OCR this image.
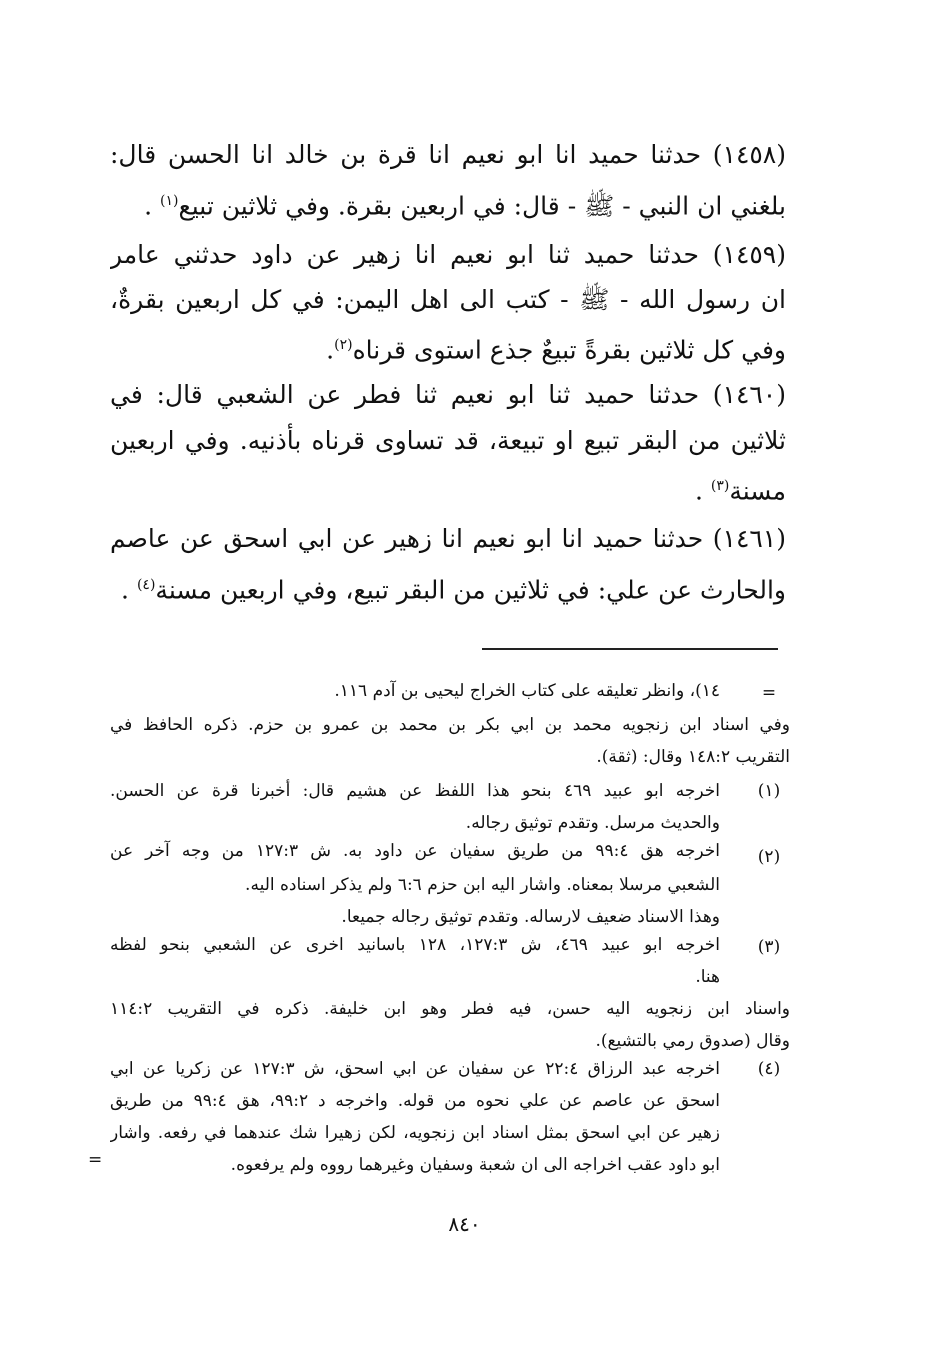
(١٤٥٨) حدثنا حميد انا ابو نعيم انا قرة بن خالد انا الحسن قال:
بلغني ان النبي - ﷺ - قال: في اربعين بقرة. وفي ثلاثين تبيع$^{(١)}$ .
(١٤٥٩) حدثنا حميد ثنا ابو نعيم انا زهير عن داود حدثني عامر
ان رسول الله - ﷺ - كتب الى اهل اليمن: في كل اربعين بقرةٌ،
وفي كل ثلاثين بقرةً تبيعٌ جذع استوى قرناه$^{(٢)}$.
(١٤٦٠) حدثنا حميد ثنا ابو نعيم ثنا فطر عن الشعبي قال: في
ثلاثين من البقر تبيع او تبيعة، قد تساوى قرناه بأذنيه. وفي اربعين
مسنة$^{(٣)}$ .
(١٤٦١) حدثنا حميد انا ابو نعيم انا زهير عن ابي اسحق عن عاصم
والحارث عن علي: في ثلاثين من البقر تبيع، وفي اربعين مسنة$^{(٤)}$ .
=
١٤)، وانظر تعليقه على كتاب الخراج ليحيى بن آدم ١١٦.
وفي اسناد ابن زنجويه محمد بن ابي بكر بن محمد بن عمرو بن حزم. ذكره الحافظ في
التقريب ١٤٨:٢ وقال: (ثقة).
(١)
اخرجه ابو عبيد ٤٦٩ بنحو هذا اللفظ عن هشيم قال: أخبرنا قرة عن الحسن.
والحديث مرسل. وتقدم توثيق رجاله.
(٢)
اخرجه هق ٩٩:٤ من طريق سفيان عن داود به. ش ١٢٧:٣ من وجه آخر عن
الشعبي مرسلا بمعناه. واشار اليه ابن حزم ٦:٦ ولم يذكر اسناده اليه.
وهذا الاسناد ضعيف لارساله. وتقدم توثيق رجاله جميعا.
(٣)
اخرجه ابو عبيد ٤٦٩، ش ١٢٧:٣، ١٢٨ باسانيد اخرى عن الشعبي بنحو لفظه
هنا.
واسناد ابن زنجويه اليه حسن، فيه فطر وهو ابن خليفة. ذكره في التقريب ١١٤:٢
وقال (صدوق رمي بالتشيع).
(٤)
اخرجه عبد الرزاق ٢٢:٤ عن سفيان عن ابي اسحق، ش ١٢٧:٣ عن زكريا عن ابي
اسحق عن عاصم عن علي نحوه من قوله. واخرجه د ٩٩:٢، هق ٩٩:٤ من طريق
زهير عن ابي اسحق بمثل اسناد ابن زنجويه، لكن زهيرا شك عندهما في رفعه. واشار
ابو داود عقب اخراجه الى ان شعبة وسفيان وغيرهما رووه ولم يرفعوه.
=
٨٤٠
